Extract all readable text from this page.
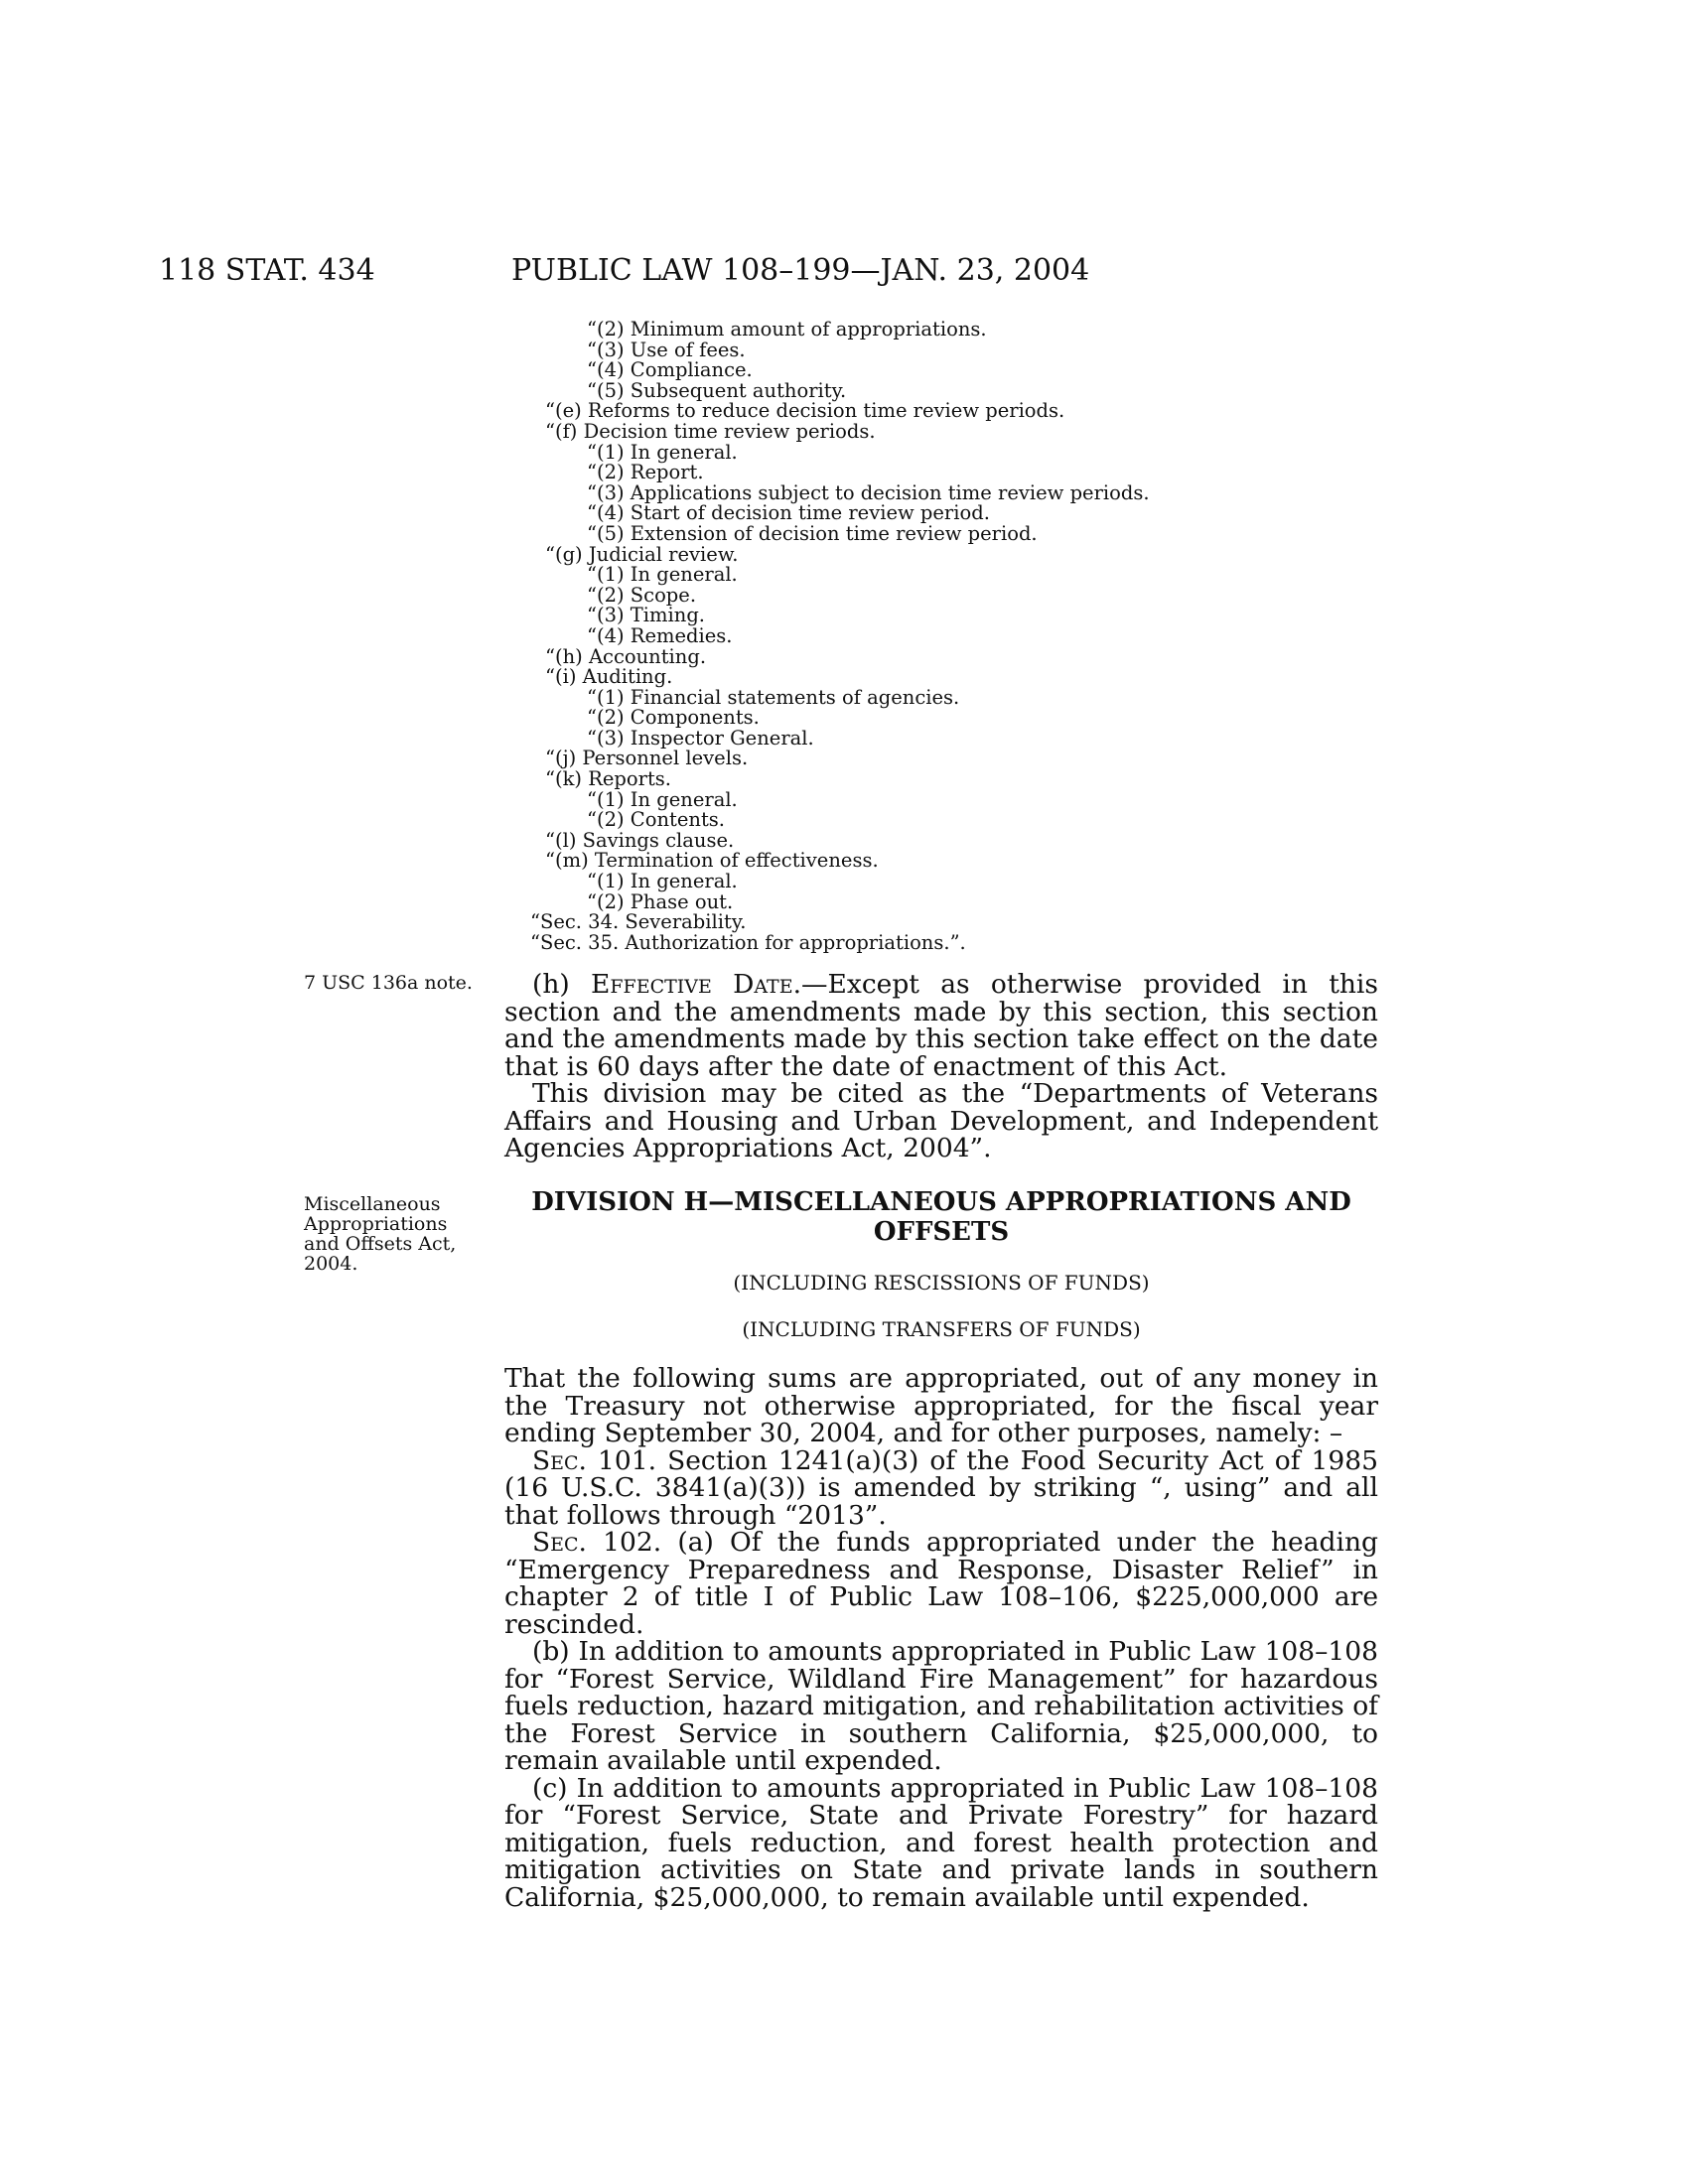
118 STAT. 434	PUBLIC LAW 108–199—JAN. 23, 2004
“(2) Minimum amount of appropriations.
“(3) Use of fees.
“(4) Compliance.
“(5) Subsequent authority.
“(e) Reforms to reduce decision time review periods.
“(f) Decision time review periods.
“(1) In general.
“(2) Report.
“(3) Applications subject to decision time review periods.
“(4) Start of decision time review period.
“(5) Extension of decision time review period.
“(g) Judicial review.
“(1) In general.
“(2) Scope.
“(3) Timing.
“(4) Remedies.
“(h) Accounting.
“(i) Auditing.
“(1) Financial statements of agencies.
“(2) Components.
“(3) Inspector General.
“(j) Personnel levels.
“(k) Reports.
“(1) In general.
“(2) Contents.
“(l) Savings clause.
“(m) Termination of effectiveness.
“(1) In general.
“(2) Phase out.
“Sec. 34. Severability.
“Sec. 35. Authorization for appropriations.”.
7 USC 136a note.	(h) Effective Date.—Except as otherwise provided in this section and the amendments made by this section, this section and the amendments made by this section take effect on the date that is 60 days after the date of enactment of this Act.

This division may be cited as the “Departments of Veterans Affairs and Housing and Urban Development, and Independent Agencies Appropriations Act, 2004”.

Miscellaneous Appropriations and Offsets Act, 2004.
DIVISION H—MISCELLANEOUS APPROPRIATIONS AND OFFSETS
(INCLUDING RESCISSIONS OF FUNDS)
(INCLUDING TRANSFERS OF FUNDS)

That the following sums are appropriated, out of any money in the Treasury not otherwise appropriated, for the fiscal year ending September 30, 2004, and for other purposes, namely: –

Sec. 101. Section 1241(a)(3) of the Food Security Act of 1985 (16 U.S.C. 3841(a)(3)) is amended by striking “, using” and all that follows through “2013”.

Sec. 102. (a) Of the funds appropriated under the heading “Emergency Preparedness and Response, Disaster Relief” in chapter 2 of title I of Public Law 108–106, $225,000,000 are rescinded.

(b) In addition to amounts appropriated in Public Law 108–108 for “Forest Service, Wildland Fire Management” for hazardous fuels reduction, hazard mitigation, and rehabilitation activities of the Forest Service in southern California, $25,000,000, to remain available until expended.

(c) In addition to amounts appropriated in Public Law 108–108 for “Forest Service, State and Private Forestry” for hazard mitigation, fuels reduction, and forest health protection and mitigation activities on State and private lands in southern California, $25,000,000, to remain available until expended.
